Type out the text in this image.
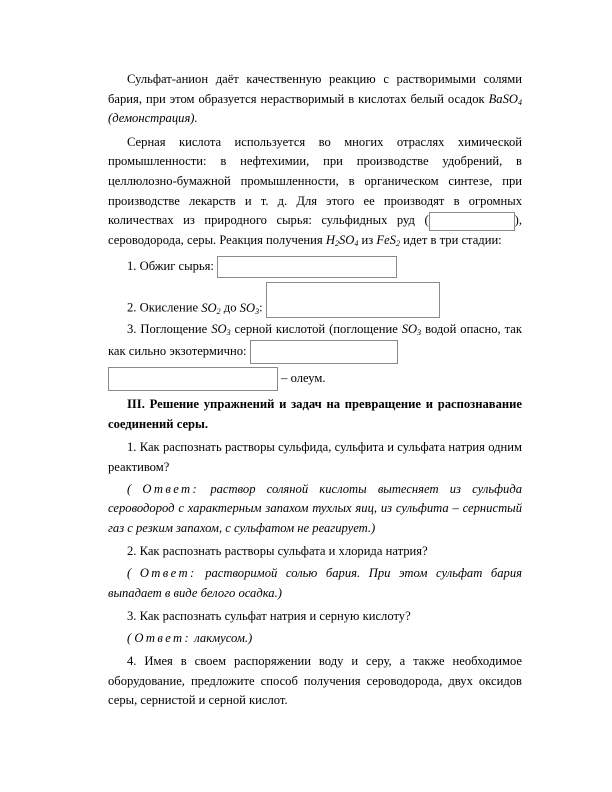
Сульфат-анион даёт качественную реакцию с растворимыми солями бария, при этом образуется нерастворимый в кислотах белый осадок BaSO$_4$ (демонстрация).

Серная кислота используется во многих отраслях химической промышленности: в нефтехимии, при производстве удобрений, в целлюлозно-бумажной промышленности, в органическом синтезе, при производстве лекарств и т. д. Для этого ее производят в огромных количествах из природного сырья: сульфидных руд (	), сероводорода, серы. Реакция получения $H_2SO_4$ из FeS$_2$ идет в три стадии:

1. Обжиг сырья:

2. Окисление $SO_2$ до $SO_3$:

3. Поглощение $SO_3$ серной кислотой (поглощение $SO_3$ водой опасно, так как сильно экзотермично:

– олеум.

III. Решение упражнений и задач на превращение и распознавание соединений серы.

1. Как распознать растворы сульфида, сульфита и сульфата натрия одним реактивом?

( Ответ: раствор соляной кислоты вытесняет из сульфида сероводород с характерным запахом тухлых яиц, из сульфита – сернистый газ с резким запахом, с сульфатом не реагирует.)

2. Как распознать растворы сульфата и хлорида натрия?

( Ответ: растворимой солью бария. При этом сульфат бария выпадает в виде белого осадка.)

3. Как распознать сульфат натрия и серную кислоту?

( Ответ: лакмусом.)

4. Имея в своем распоряжении воду и серу, а также необходимое оборудование, предложите способ получения сероводорода, двух оксидов серы, сернистой и серной кислот.
